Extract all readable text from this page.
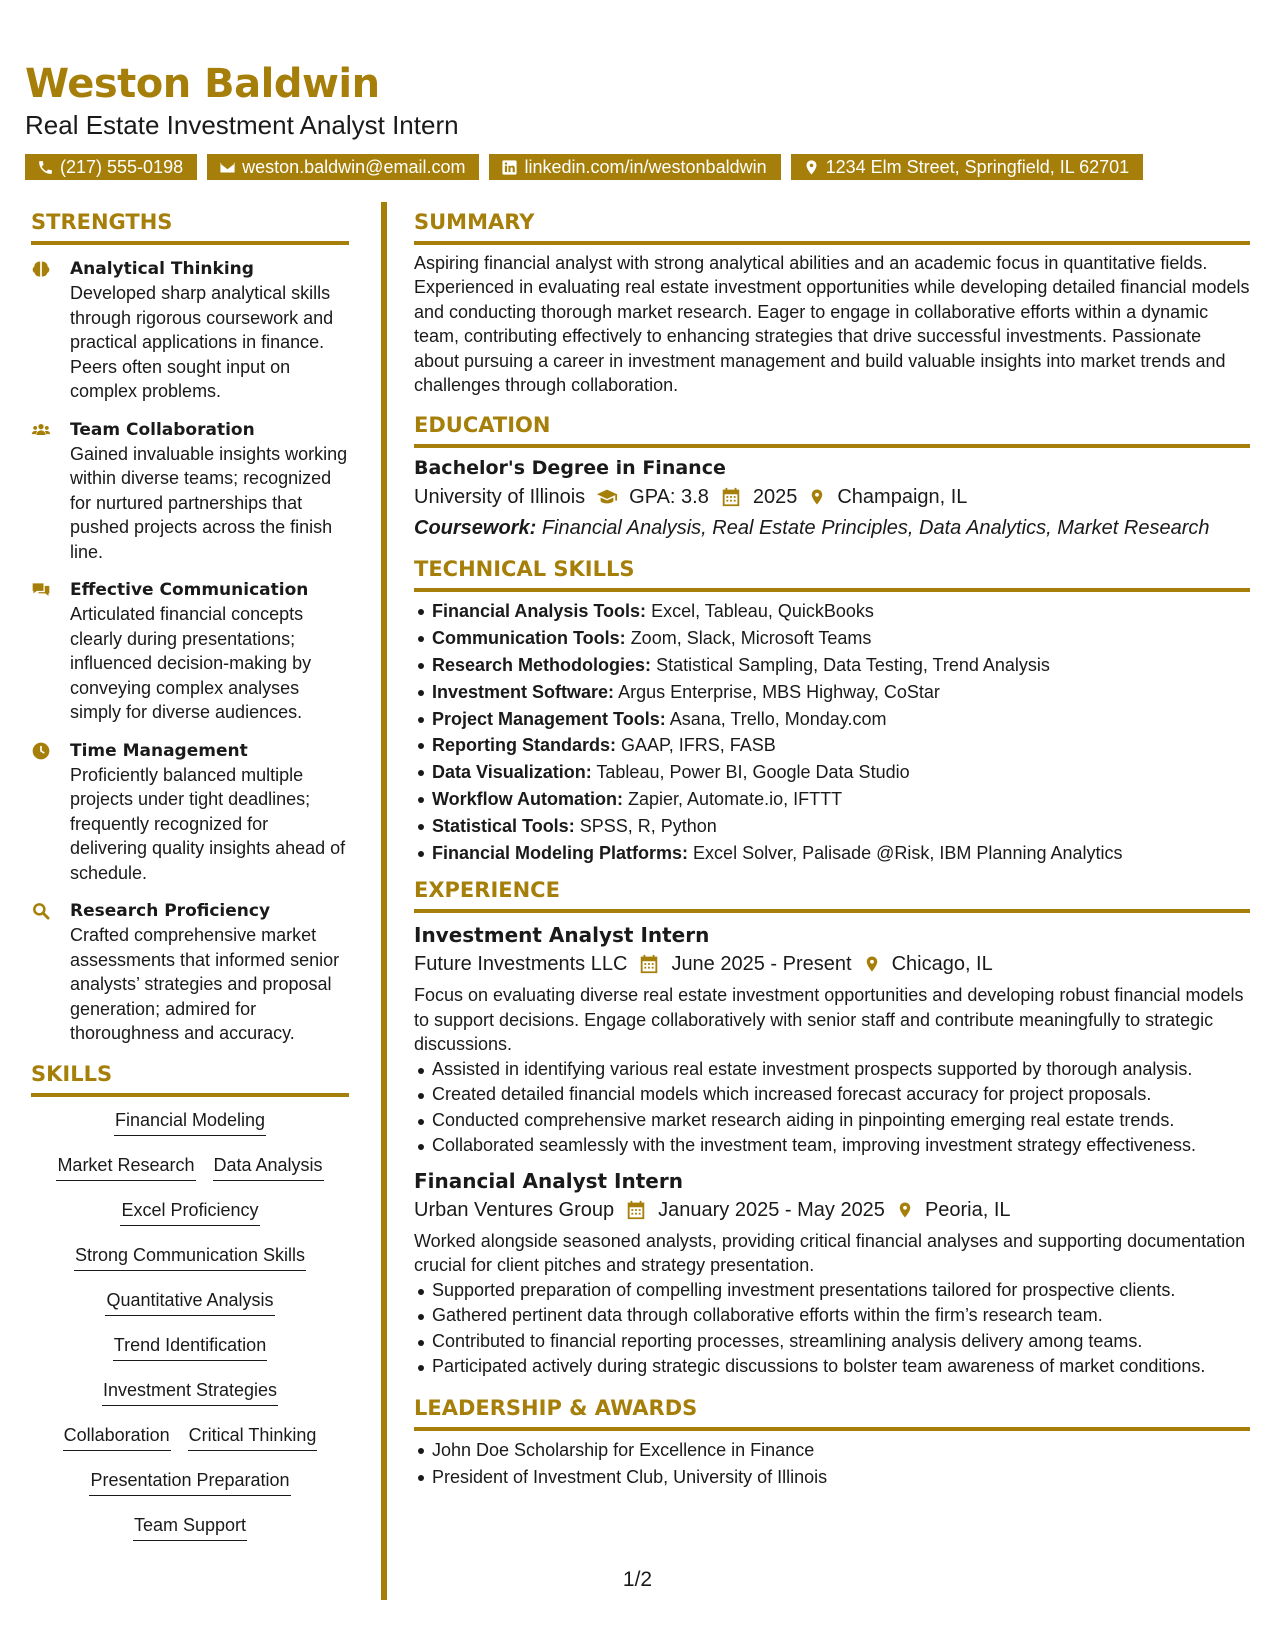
Weston Baldwin
Real Estate Investment Analyst Intern
(217) 555-0198	weston.baldwin@email.com	linkedin.com/in/westonbaldwin	1234 Elm Street, Springfield, IL 62701
STRENGTHS
Analytical Thinking
Developed sharp analytical skills through rigorous coursework and practical applications in finance. Peers often sought input on complex problems.
Team Collaboration
Gained invaluable insights working within diverse teams; recognized for nurtured partnerships that pushed projects across the finish line.
Effective Communication
Articulated financial concepts clearly during presentations; influenced decision-making by conveying complex analyses simply for diverse audiences.
Time Management
Proficiently balanced multiple projects under tight deadlines; frequently recognized for delivering quality insights ahead of schedule.
Research Proficiency
Crafted comprehensive market assessments that informed senior analysts’ strategies and proposal generation; admired for thoroughness and accuracy.
SKILLS
Financial Modeling
Market Research Data Analysis
Excel Proficiency
Strong Communication Skills
Quantitative Analysis
Trend Identification
Investment Strategies
Collaboration Critical Thinking
Presentation Preparation
Team Support
SUMMARY
Aspiring financial analyst with strong analytical abilities and an academic focus in quantitative fields. Experienced in evaluating real estate investment opportunities while developing detailed financial models and conducting thorough market research. Eager to engage in collaborative efforts within a dynamic team, contributing effectively to enhancing strategies that drive successful investments. Passionate about pursuing a career in investment management and build valuable insights into market trends and challenges through collaboration.
EDUCATION
Bachelor's Degree in Finance
University of Illinois GPA: 3.8 2025 Champaign, IL
Coursework: Financial Analysis, Real Estate Principles, Data Analytics, Market Research
TECHNICAL SKILLS
Financial Analysis Tools: Excel, Tableau, QuickBooks
Communication Tools: Zoom, Slack, Microsoft Teams
Research Methodologies: Statistical Sampling, Data Testing, Trend Analysis
Investment Software: Argus Enterprise, MBS Highway, CoStar
Project Management Tools: Asana, Trello, Monday.com
Reporting Standards: GAAP, IFRS, FASB
Data Visualization: Tableau, Power BI, Google Data Studio
Workflow Automation: Zapier, Automate.io, IFTTT
Statistical Tools: SPSS, R, Python
Financial Modeling Platforms: Excel Solver, Palisade @Risk, IBM Planning Analytics
EXPERIENCE
Investment Analyst Intern
Future Investments LLC June 2025 - Present Chicago, IL
Focus on evaluating diverse real estate investment opportunities and developing robust financial models to support decisions. Engage collaboratively with senior staff and contribute meaningfully to strategic discussions.
Assisted in identifying various real estate investment prospects supported by thorough analysis.
Created detailed financial models which increased forecast accuracy for project proposals.
Conducted comprehensive market research aiding in pinpointing emerging real estate trends.
Collaborated seamlessly with the investment team, improving investment strategy effectiveness.
Financial Analyst Intern
Urban Ventures Group January 2025 - May 2025 Peoria, IL
Worked alongside seasoned analysts, providing critical financial analyses and supporting documentation crucial for client pitches and strategy presentation.
Supported preparation of compelling investment presentations tailored for prospective clients.
Gathered pertinent data through collaborative efforts within the firm’s research team.
Contributed to financial reporting processes, streamlining analysis delivery among teams.
Participated actively during strategic discussions to bolster team awareness of market conditions.
LEADERSHIP & AWARDS
John Doe Scholarship for Excellence in Finance
President of Investment Club, University of Illinois
1/2
